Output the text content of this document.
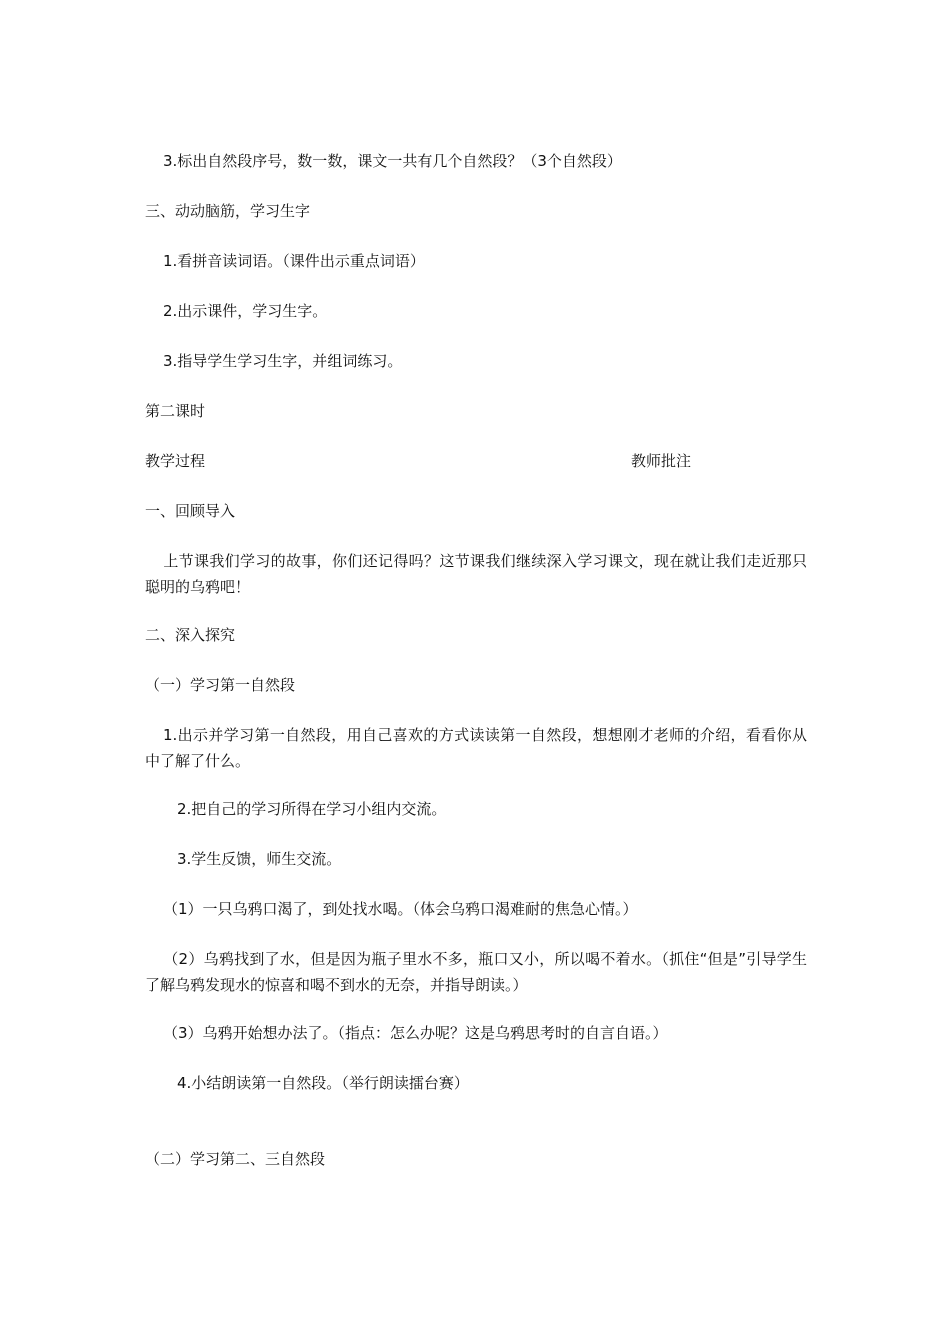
3.标出自然段序号，数一数，课文一共有几个自然段？（3个自然段）
三、动动脑筋，学习生字
1.看拼音读词语。（课件出示重点词语）
2.出示课件，学习生字。
3.指导学生学习生字，并组词练习。
第二课时
教学过程	教师批注
一、回顾导入
上节课我们学习的故事，你们还记得吗？这节课我们继续深入学习课文，现在就让我们走近那只聪明的乌鸦吧！
二、深入探究
（一）学习第一自然段
1.出示并学习第一自然段，用自己喜欢的方式读读第一自然段，想想刚才老师的介绍，看看你从中了解了什么。
2.把自己的学习所得在学习小组内交流。
3.学生反馈，师生交流。
（1）一只乌鸦口渴了，到处找水喝。（体会乌鸦口渴难耐的焦急心情。）
（2）乌鸦找到了水，但是因为瓶子里水不多，瓶口又小，所以喝不着水。（抓住“但是”引导学生了解乌鸦发现水的惊喜和喝不到水的无奈，并指导朗读。）
（3）乌鸦开始想办法了。（指点：怎么办呢？这是乌鸦思考时的自言自语。）
4.小结朗读第一自然段。（举行朗读擂台赛）
（二）学习第二、三自然段
